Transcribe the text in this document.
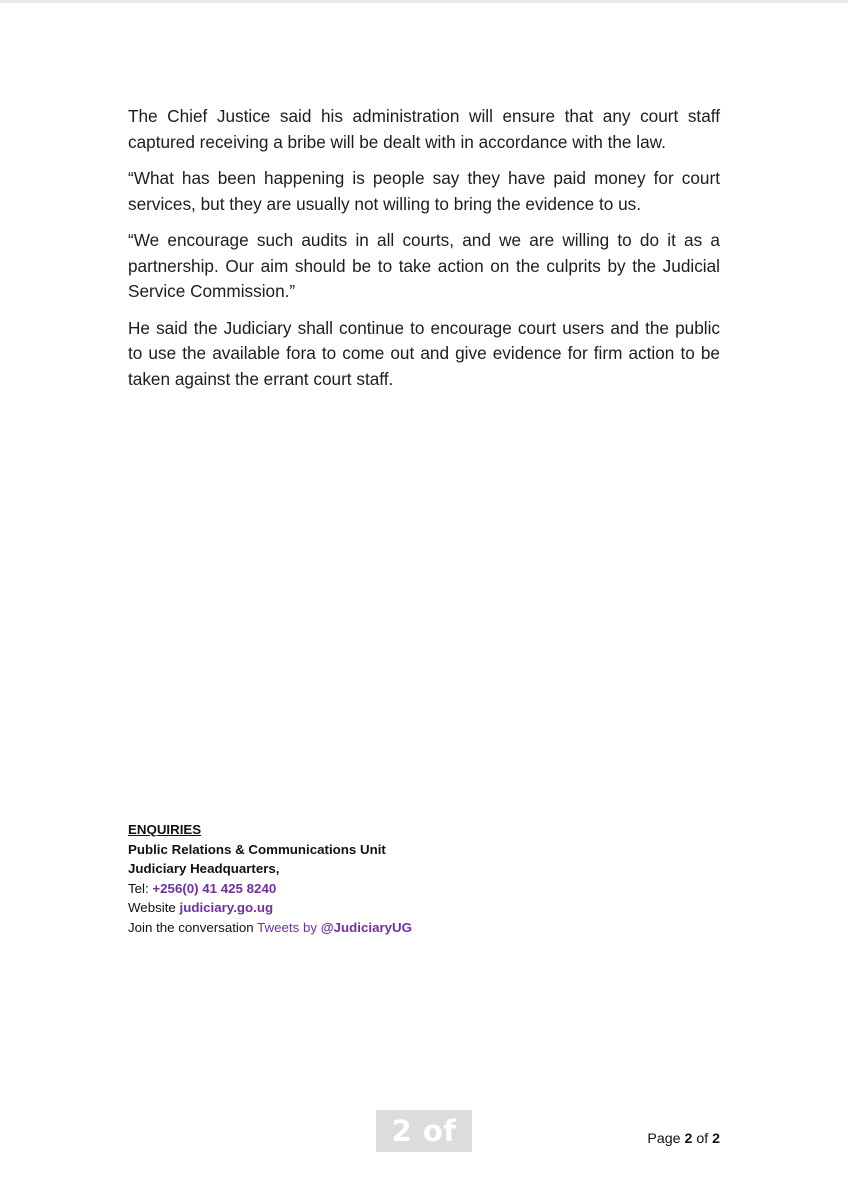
The Chief Justice said his administration will ensure that any court staff captured receiving a bribe will be dealt with in accordance with the law.

“What has been happening is people say they have paid money for court services, but they are usually not willing to bring the evidence to us.

“We encourage such audits in all courts, and we are willing to do it as a partnership. Our aim should be to take action on the culprits by the Judicial Service Commission.”

He said the Judiciary shall continue to encourage court users and the public to use the available fora to come out and give evidence for firm action to be taken against the errant court staff.

ENQUIRIES
Public Relations & Communications Unit
Judiciary Headquarters,
Tel: +256(0) 41 425 8240
Website judiciary.go.ug
Join the conversation Tweets by @JudiciaryUG
2 of 2
Page 2 of 2
